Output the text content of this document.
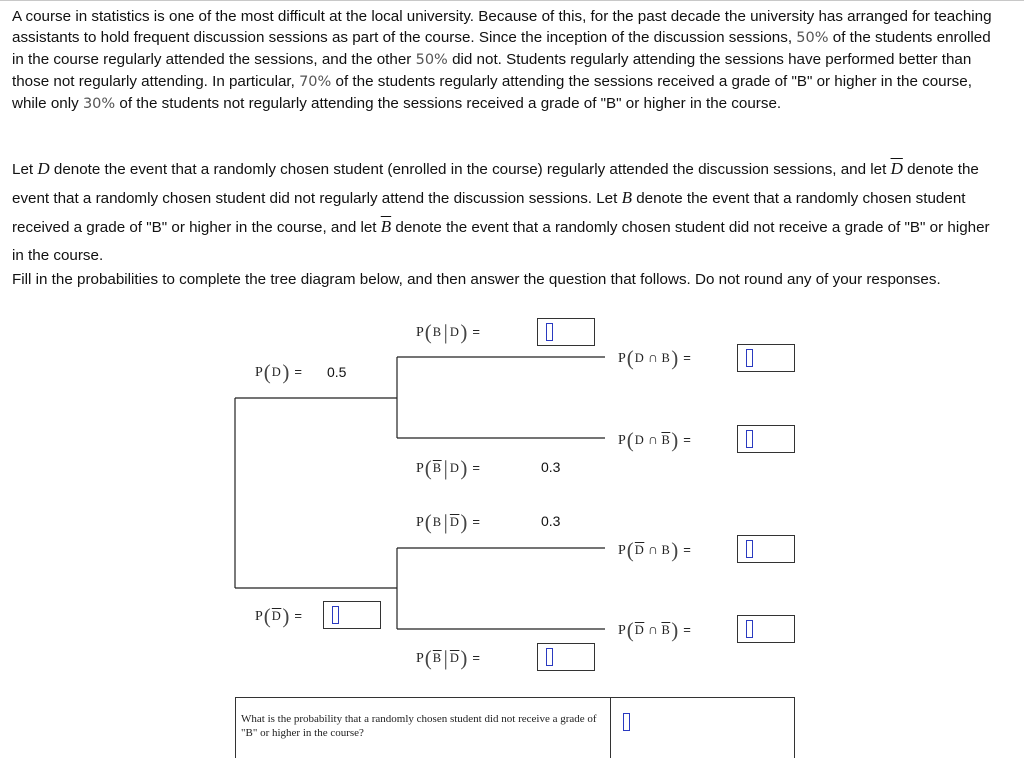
A course in statistics is one of the most difficult at the local university. Because of this, for the past decade the university has arranged for teaching assistants to hold frequent discussion sessions as part of the course. Since the inception of the discussion sessions, 50% of the students enrolled in the course regularly attended the sessions, and the other 50% did not. Students regularly attending the sessions have performed better than those not regularly attending. In particular, 70% of the students regularly attending the sessions received a grade of "B" or higher in the course, while only 30% of the students not regularly attending the sessions received a grade of "B" or higher in the course.
Let D denote the event that a randomly chosen student (enrolled in the course) regularly attended the discussion sessions, and let $\overline{D}$ denote the event that a randomly chosen student did not regularly attend the discussion sessions. Let B denote the event that a randomly chosen student received a grade of "B" or higher in the course, and let $\overline{B}$ denote the event that a randomly chosen student did not receive a grade of "B" or higher in the course.
Fill in the probabilities to complete the tree diagram below, and then answer the question that follows. Do not round any of your responses.
P(D) = 0.5
$P(\overline{D})$ =
P(B| D) =
$P(\overline{B}|$ D) =	0.3
P(B| $\overline{D}$) =	0.3
$P(\overline{B}|$ $\overline{D}$) =
P(D ∩ B) =
P(D ∩ $\overline{B}$) =
$P(\overline{D}$ ∩ B) =
$P(\overline{D}$ ∩ $\overline{B}$) =
What is the probability that a randomly chosen student did not receive a grade of "B" or higher in the course?
